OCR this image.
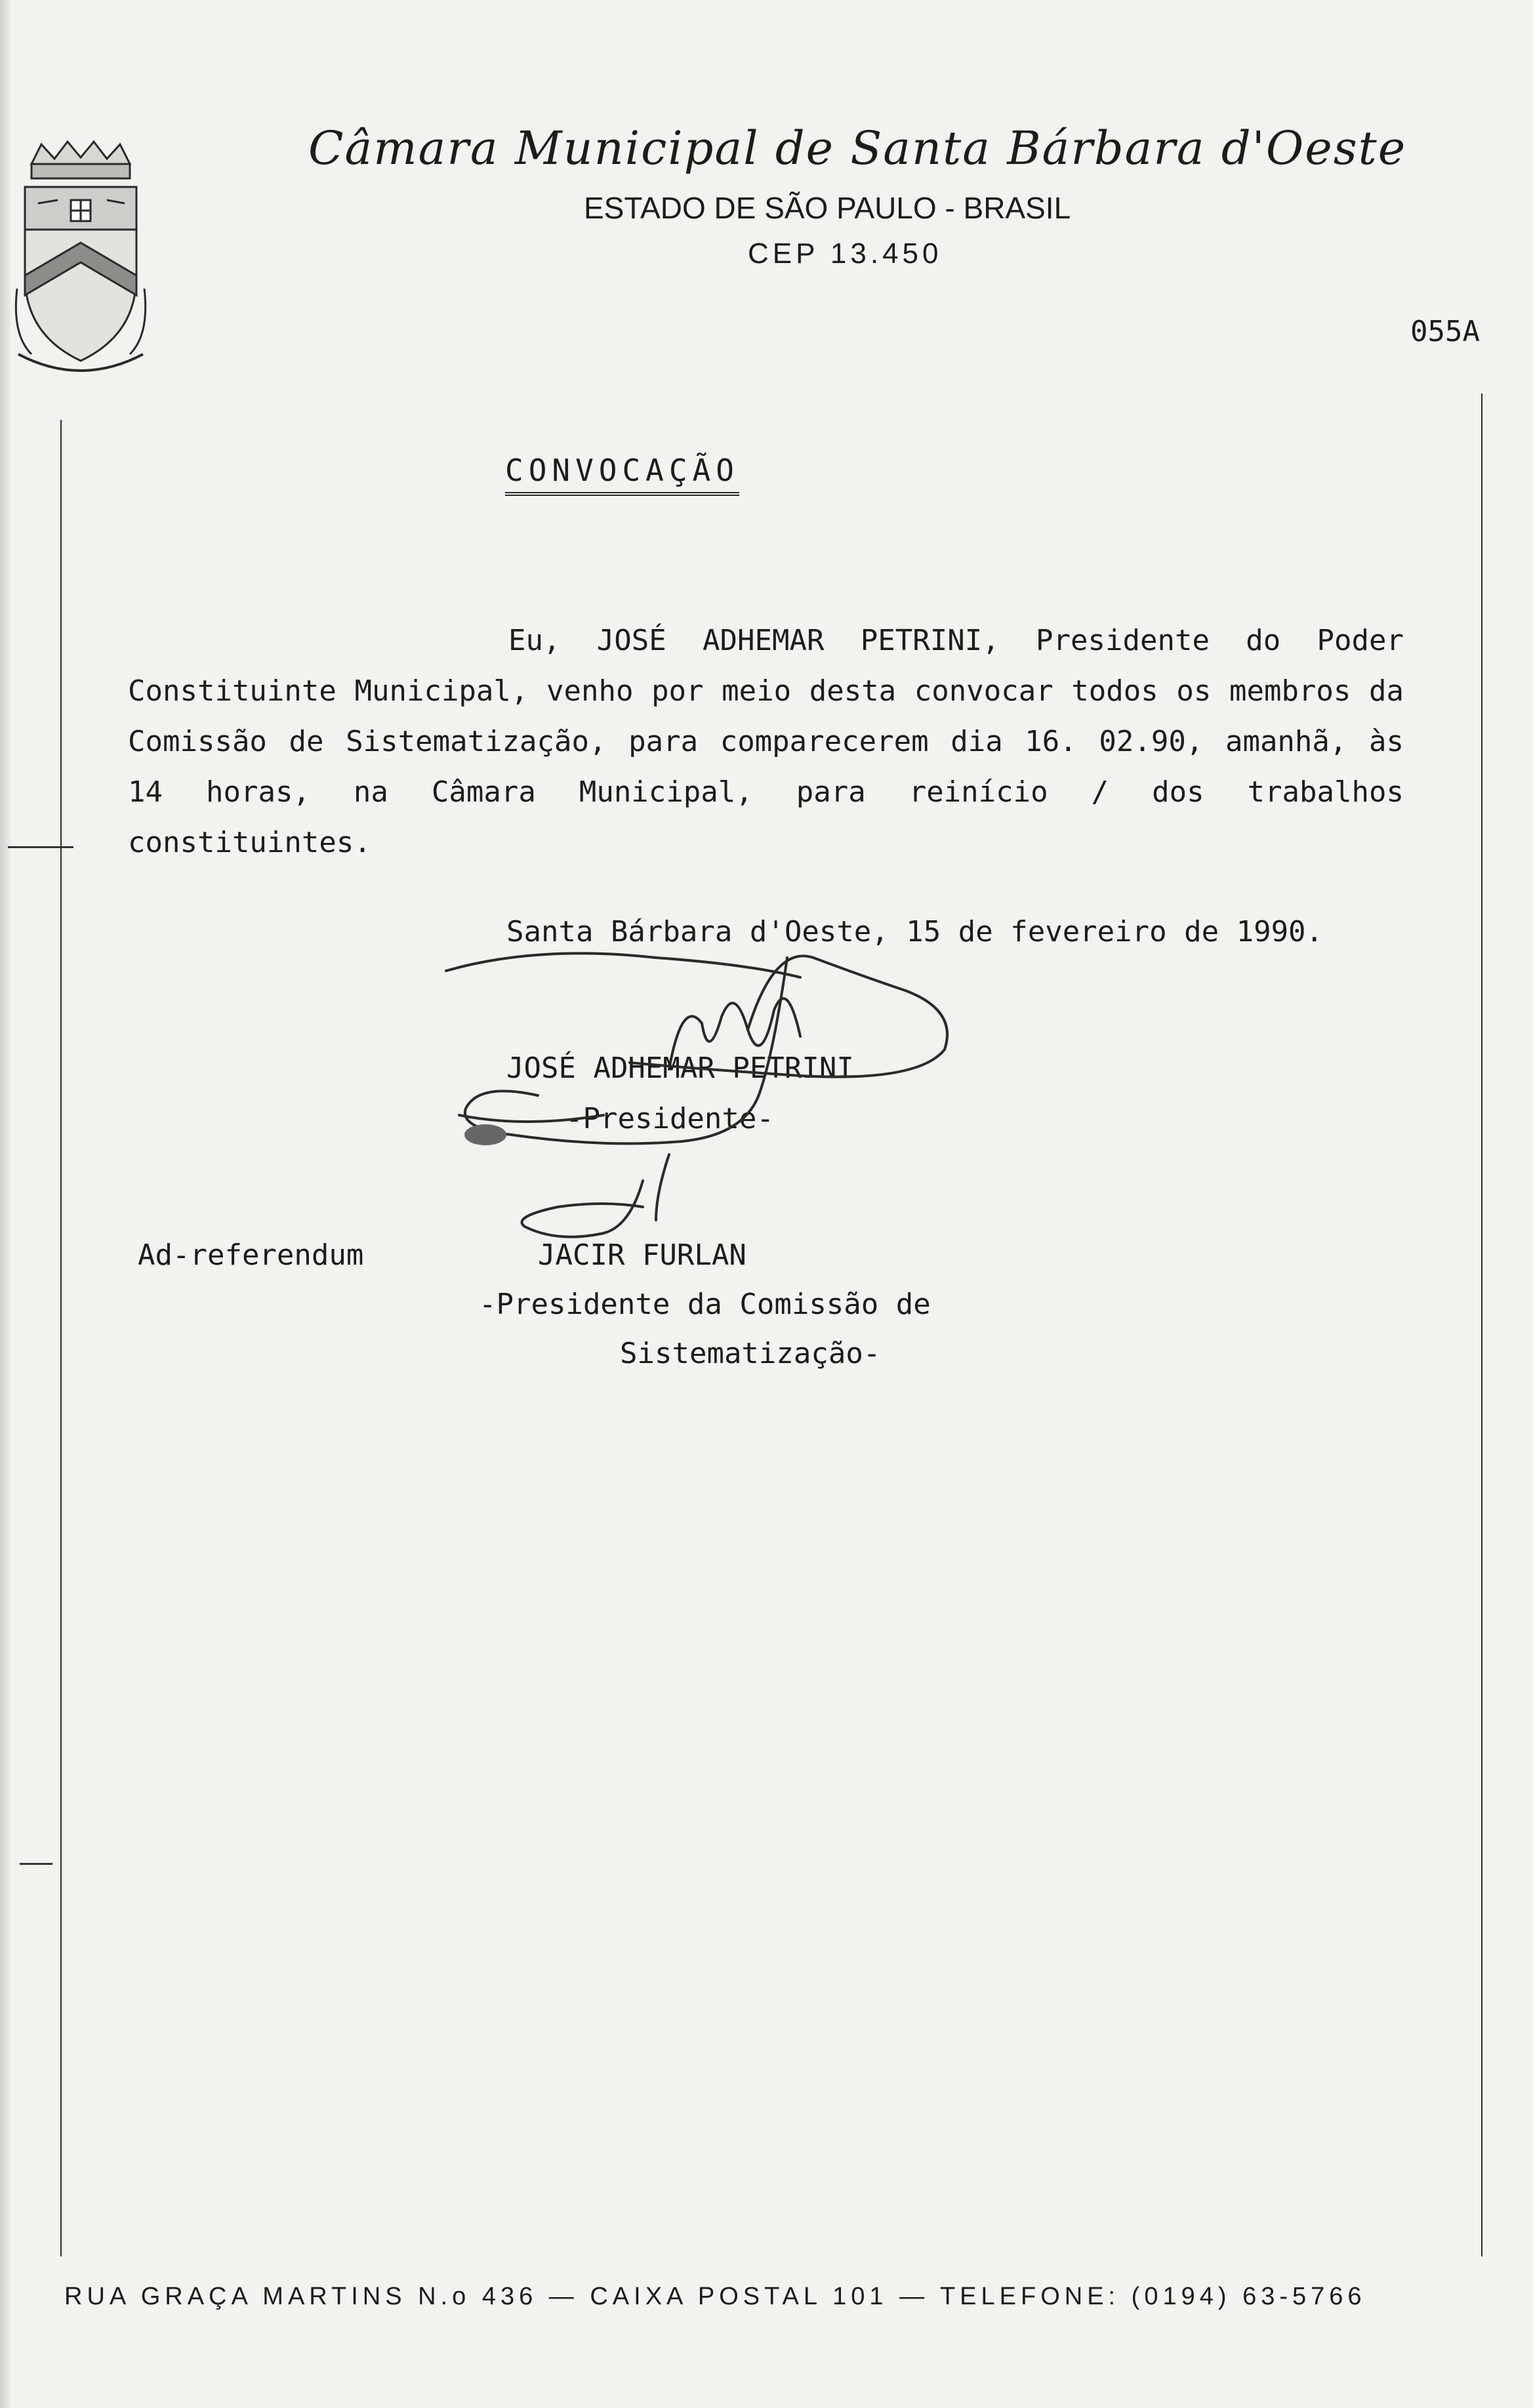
Câmara Municipal de Santa Bárbara d'Oeste
ESTADO DE SÃO PAULO - BRASIL
CEP 13.450
055A
CONVOCAÇÃO
Eu, JOSÉ ADHEMAR PETRINI, Presidente do Poder Constituinte Municipal, venho por meio desta convocar todos os membros da Comissão de Sistematização, para comparecerem dia 16. 02.90, amanhã, às 14 horas, na Câmara Municipal, para reinício / dos trabalhos constituintes.
Santa Bárbara d'Oeste, 15 de fevereiro de 1990.
JOSÉ ADHEMAR PETRINI
-Presidente-
Ad-referendum	JACIR FURLAN
-Presidente da Comissão de
Sistematização-
RUA GRAÇA MARTINS N.o 436 — CAIXA POSTAL 101 — TELEFONE: (0194) 63-5766
